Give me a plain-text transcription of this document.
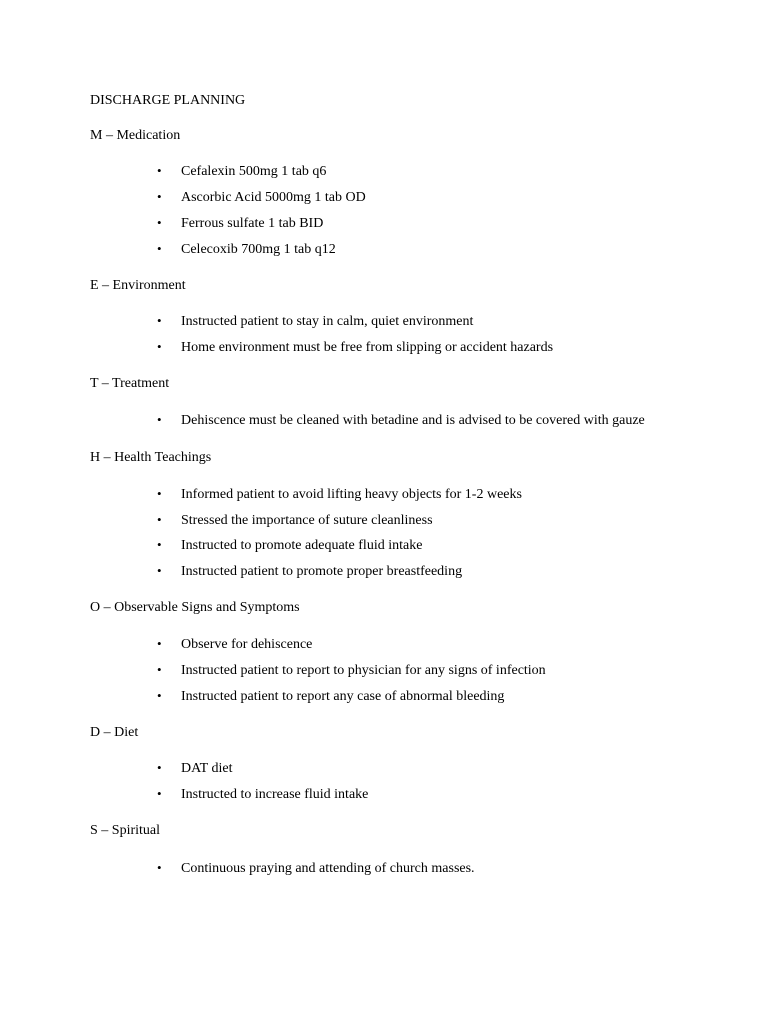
DISCHARGE PLANNING
M – Medication
•	Cefalexin 500mg 1 tab q6
•	Ascorbic Acid 5000mg 1 tab OD
•	Ferrous sulfate 1 tab BID
•	Celecoxib 700mg 1 tab q12
E – Environment
•	Instructed patient to stay in calm, quiet environment
•	Home environment must be free from slipping or accident hazards
T – Treatment
•	Dehiscence must be cleaned with betadine and is advised to be covered with gauze
H – Health Teachings
•	Informed patient to avoid lifting heavy objects for 1-2 weeks
•	Stressed the importance of suture cleanliness
•	Instructed to promote adequate fluid intake
•	Instructed patient to promote proper breastfeeding
O – Observable Signs and Symptoms
•	Observe for dehiscence
•	Instructed patient to report to physician for any signs of infection
•	Instructed patient to report any case of abnormal bleeding
D – Diet
•	DAT diet
•	Instructed to increase fluid intake
S – Spiritual
•	Continuous praying and attending of church masses.
